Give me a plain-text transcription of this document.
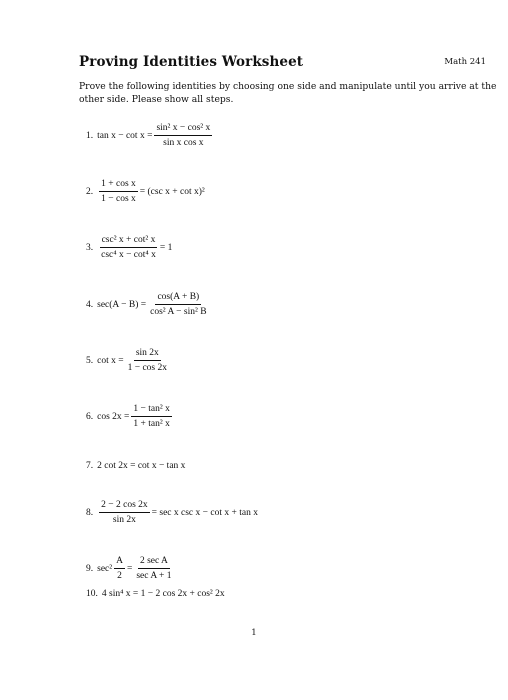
Proving Identities Worksheet	Math 241
Prove the following identities by choosing one side and manipulate until you arrive at the other side. Please show all steps.
1. $\tan x - \cot x = \frac{\text{sin² x − cos² x}}{\text{sin x cos x}}$
2. $\frac{\text{1 + cos x}}{\text{1 − cos x}} = (\csc$ x + cot x)²
3. $\frac{\text{csc² x + cot² x}}{\text{csc⁴ x − cot⁴ x}} = 1$
4. $\sec(A - B) = \frac{\cos(A + B)}{\text{cos² A − sin² B}}$
5. $\cot x = \frac{\sin 2x}{1 - \cos 2x}$
6. $\cos 2x = \frac{\text{1 − tan² x}}{\text{1 + tan² x}}$
7. 2 cot 2x = cot x − tan x
8. $\frac{2 - 2 \cos 2x}{\sin 2x} = \sec x$ csc x − cot x + tan x
9. $\sec^2 \frac{A}{2} = \frac{\text{2 sec A}}{\text{sec A + 1}}$
10. 4 sin⁴ x = 1 − 2 cos 2x + cos² 2x
1
